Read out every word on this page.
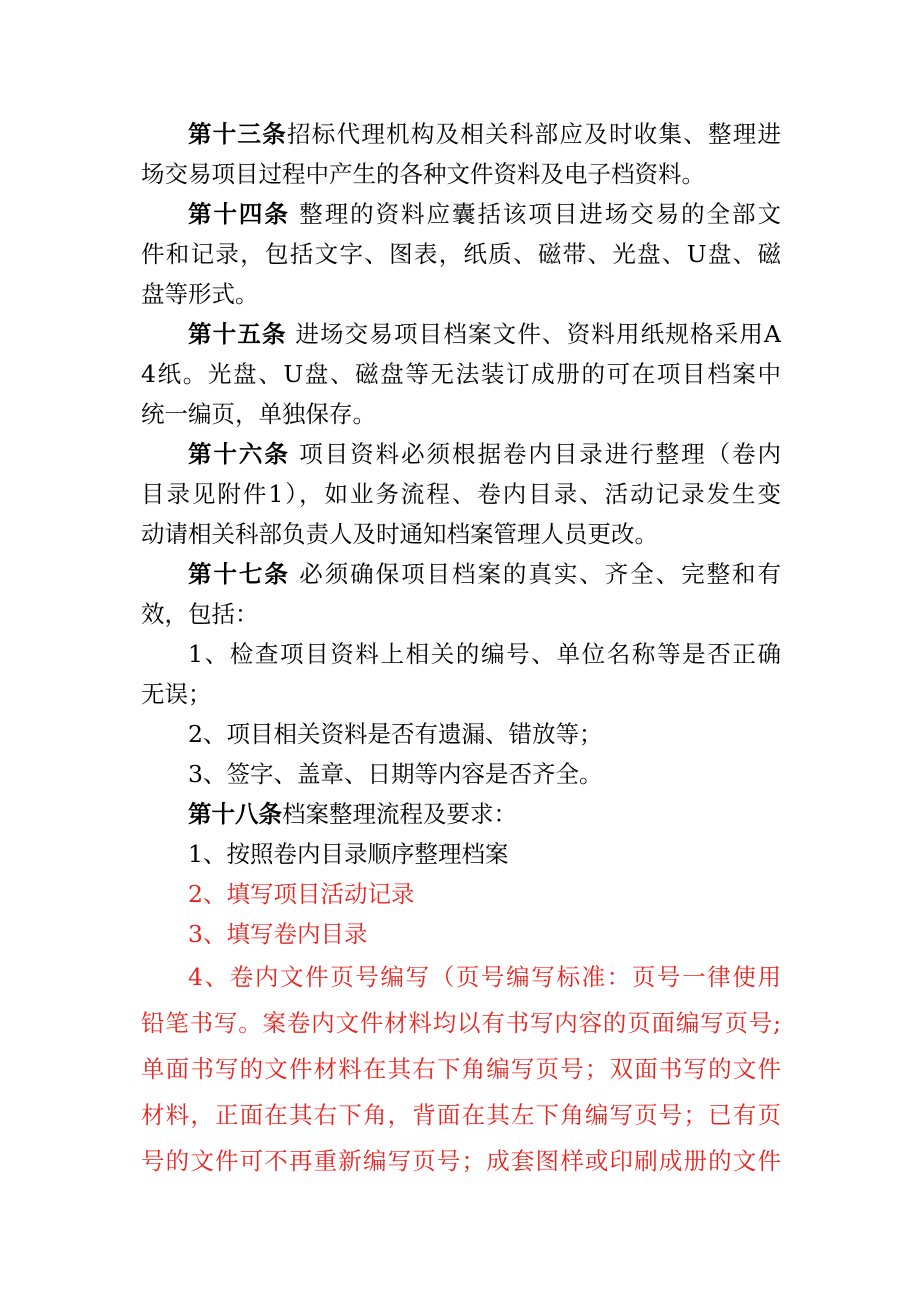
第十三条招标代理机构及相关科部应及时收集、整理进
场交易项目过程中产生的各种文件资料及电子档资料。
第十四条 整理的资料应囊括该项目进场交易的全部文
件和记录，包括文字、图表，纸质、磁带、光盘、U盘、磁
盘等形式。
第十五条 进场交易项目档案文件、资料用纸规格采用A
4纸。光盘、U盘、磁盘等无法装订成册的可在项目档案中
统一编页，单独保存。
第十六条 项目资料必须根据卷内目录进行整理（卷内
目录见附件1），如业务流程、卷内目录、活动记录发生变
动请相关科部负责人及时通知档案管理人员更改。
第十七条 必须确保项目档案的真实、齐全、完整和有
效，包括：
1、检查项目资料上相关的编号、单位名称等是否正确
无误；
2、项目相关资料是否有遗漏、错放等；
3、签字、盖章、日期等内容是否齐全。
第十八条档案整理流程及要求：
1、按照卷内目录顺序整理档案
2、填写项目活动记录
3、填写卷内目录
4、卷内文件页号编写（页号编写标准：页号一律使用
铅笔书写。案卷内文件材料均以有书写内容的页面编写页号;
单面书写的文件材料在其右下角编写页号；双面书写的文件
材料，正面在其右下角，背面在其左下角编写页号；已有页
号的文件可不再重新编写页号；成套图样或印刷成册的文件
